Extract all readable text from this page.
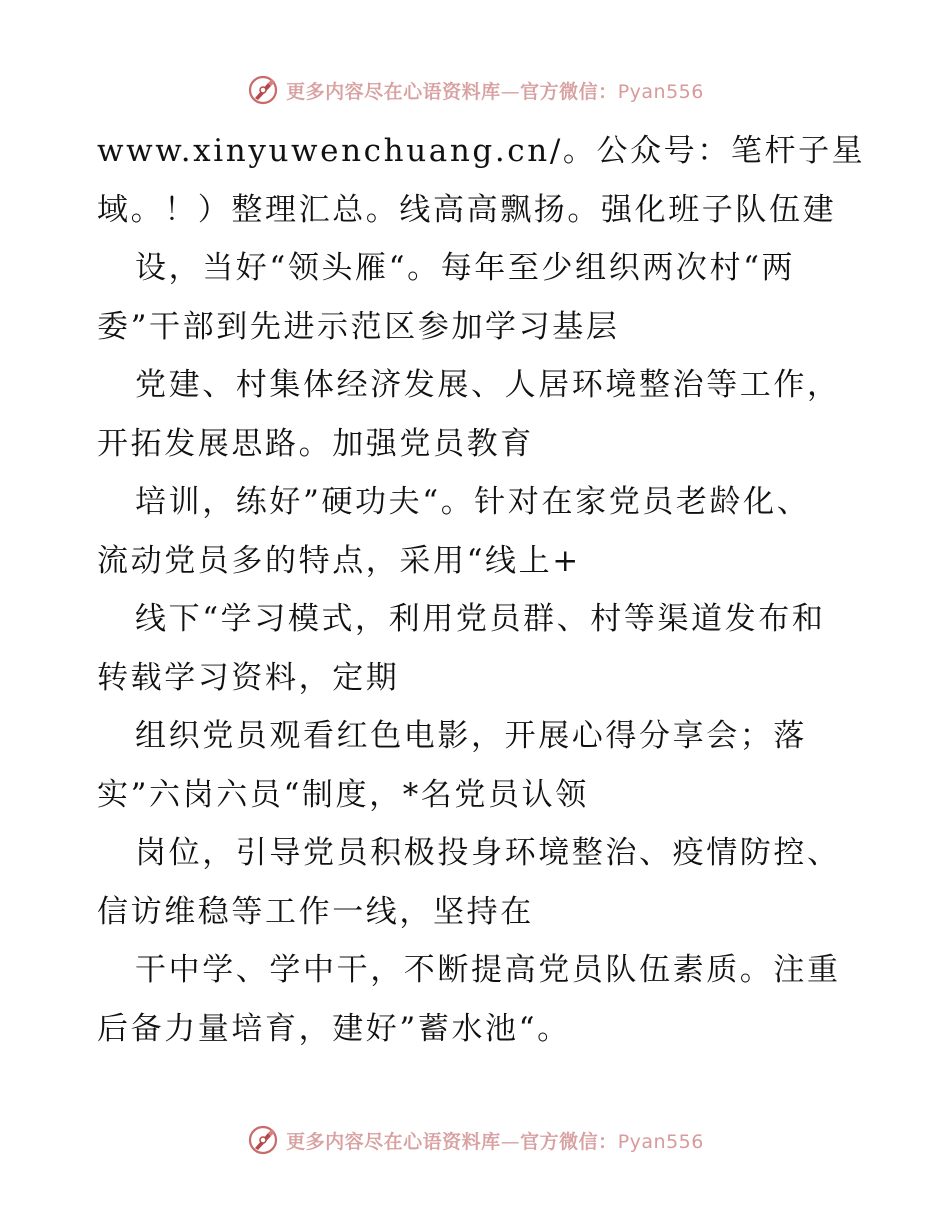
更多内容尽在心语资料库—官方微信：Pyan556
www.xinyuwenchuang.cn/。公众号：笔杆子星
域。！）整理汇总。线高高飘扬。强化班子队伍建
设，当好“领头雁“。每年至少组织两次村“两
委”干部到先进示范区参加学习基层
党建、村集体经济发展、人居环境整治等工作，
开拓发展思路。加强党员教育
培训，练好”硬功夫“。针对在家党员老龄化、
流动党员多的特点，采用“线上+
线下“学习模式，利用党员群、村等渠道发布和
转载学习资料，定期
组织党员观看红色电影，开展心得分享会；落
实”六岗六员“制度，*名党员认领
岗位，引导党员积极投身环境整治、疫情防控、
信访维稳等工作一线，坚持在
干中学、学中干，不断提高党员队伍素质。注重
后备力量培育，建好”蓄水池“。
更多内容尽在心语资料库—官方微信：Pyan556
